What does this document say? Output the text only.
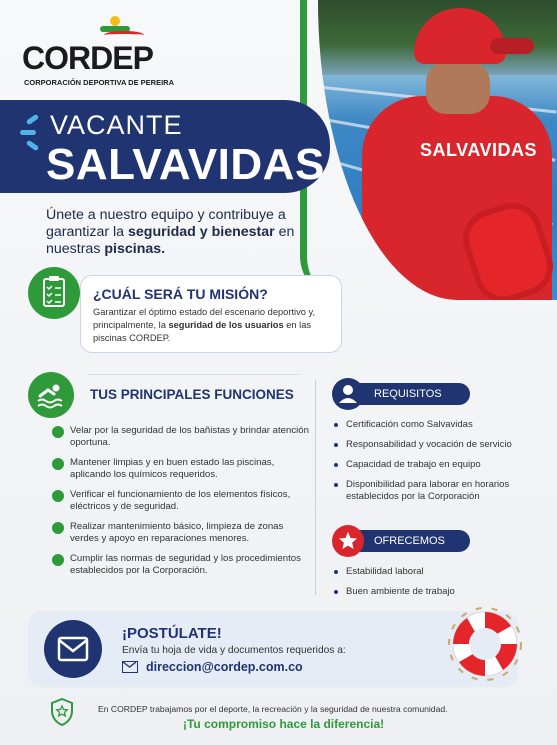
SALVAVIDAS
CORDEP
CORPORACIÓN DEPORTIVA DE PEREIRA
VACANTE
SALVAVIDAS
Únete a nuestro equipo y contribuye a garantizar la seguridad y bienestar en nuestras piscinas.
¿CUÁL SERÁ TU MISIÓN?
Garantizar el óptimo estado del escenario deportivo y, principalmente, la seguridad de los usuarios en las piscinas CORDEP.
TUS PRINCIPALES FUNCIONES
Velar por la seguridad de los bañistas y brindar atención oportuna.
Mantener limpias y en buen estado las piscinas, aplicando los químicos requeridos.
Verificar el funcionamiento de los elementos físicos, eléctricos y de seguridad.
Realizar mantenimiento básico, limpieza de zonas verdes y apoyo en reparaciones menores.
Cumplir las normas de seguridad y los procedimientos establecidos por la Corporación.
REQUISITOS
Certificación como Salvavidas
Responsabilidad y vocación de servicio
Capacidad de trabajo en equipo
Disponibilidad para laborar en horarios establecidos por la Corporación
OFRECEMOS
Estabilidad laboral
Buen ambiente de trabajo
¡POSTÚLATE!
Envía tu hoja de vida y documentos requeridos a:
direccion@cordep.com.co
En CORDEP trabajamos por el deporte, la recreación y la seguridad de nuestra comunidad.
¡Tu compromiso hace la diferencia!
